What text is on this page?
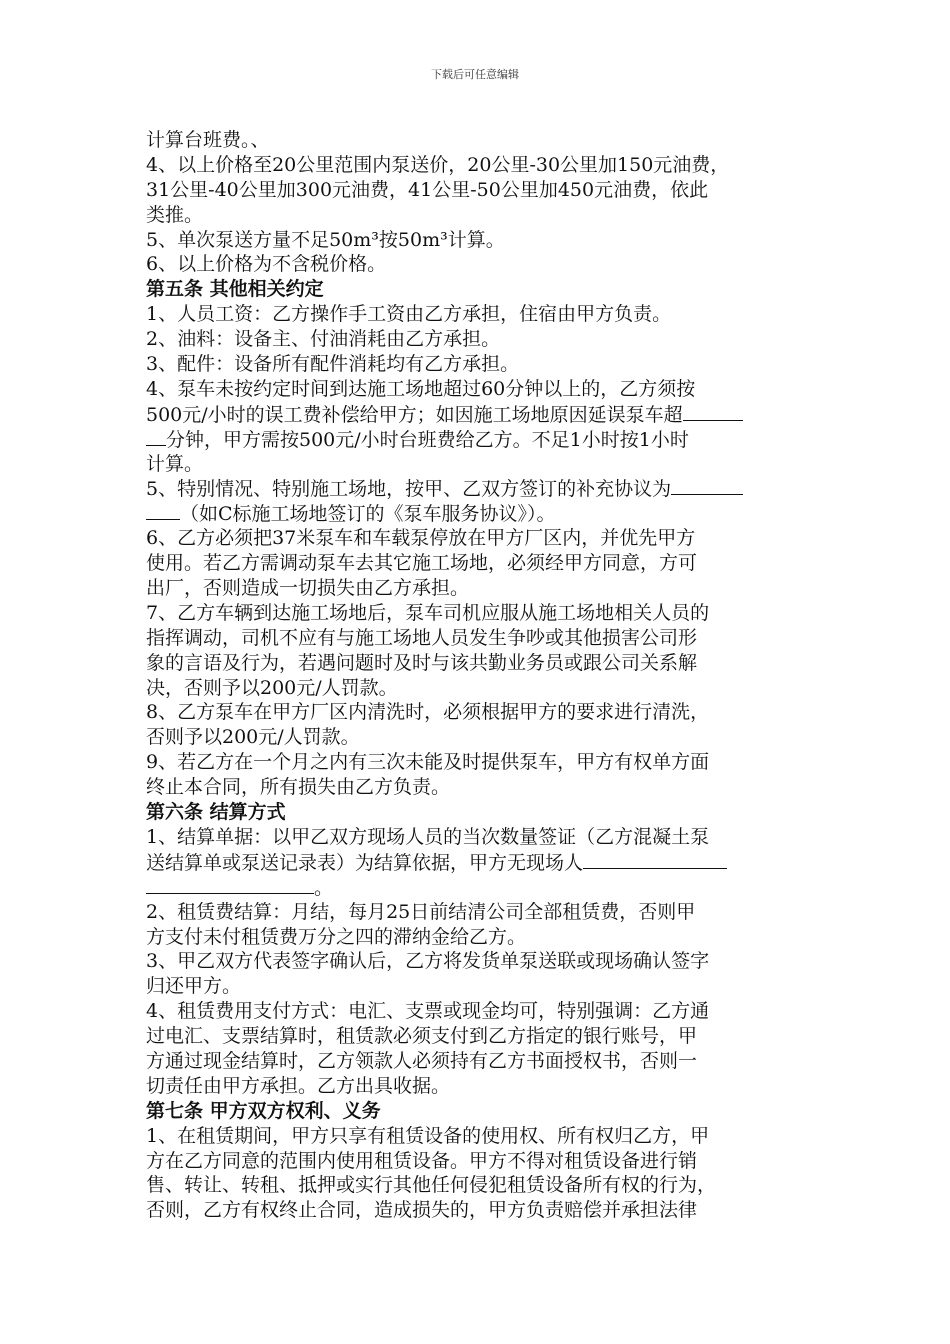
下载后可任意编辑
计算台班费。、
4、以上价格至20公里范围内泵送价，20公里-30公里加150元油费，
31公里-40公里加300元油费，41公里-50公里加450元油费，依此
类推。
5、单次泵送方量不足50m³按50m³计算。
6、以上价格为不含税价格。
第五条 其他相关约定
1、人员工资：乙方操作手工资由乙方承担，住宿由甲方负责。
2、油料：设备主、付油消耗由乙方承担。
3、配件：设备所有配件消耗均有乙方承担。
4、泵车未按约定时间到达施工场地超过60分钟以上的，乙方须按
500元/小时的误工费补偿给甲方；如因施工场地原因延误泵车超
分钟，甲方需按500元/小时台班费给乙方。不足1小时按1小时
计算。
5、特别情况、特别施工场地，按甲、乙双方签订的补充协议为
（如C标施工场地签订的《泵车服务协议》）。
6、乙方必须把37米泵车和车载泵停放在甲方厂区内，并优先甲方
使用。若乙方需调动泵车去其它施工场地，必须经甲方同意，方可
出厂，否则造成一切损失由乙方承担。
7、乙方车辆到达施工场地后，泵车司机应服从施工场地相关人员的
指挥调动，司机不应有与施工场地人员发生争吵或其他损害公司形
象的言语及行为，若遇问题时及时与该共勤业务员或跟公司关系解
决，否则予以200元/人罚款。
8、乙方泵车在甲方厂区内清洗时，必须根据甲方的要求进行清洗，
否则予以200元/人罚款。
9、若乙方在一个月之内有三次未能及时提供泵车，甲方有权单方面
终止本合同，所有损失由乙方负责。
第六条 结算方式
1、结算单据：以甲乙双方现场人员的当次数量签证（乙方混凝土泵
送结算单或泵送记录表）为结算依据，甲方无现场人
。
2、租赁费结算：月结，每月25日前结清公司全部租赁费，否则甲
方支付未付租赁费万分之四的滞纳金给乙方。
3、甲乙双方代表签字确认后，乙方将发货单泵送联或现场确认签字
归还甲方。
4、租赁费用支付方式：电汇、支票或现金均可，特别强调：乙方通
过电汇、支票结算时，租赁款必须支付到乙方指定的银行账号，甲
方通过现金结算时，乙方领款人必须持有乙方书面授权书，否则一
切责任由甲方承担。乙方出具收据。
第七条 甲方双方权利、义务
1、在租赁期间，甲方只享有租赁设备的使用权、所有权归乙方，甲
方在乙方同意的范围内使用租赁设备。甲方不得对租赁设备进行销
售、转让、转租、抵押或实行其他任何侵犯租赁设备所有权的行为，
否则，乙方有权终止合同，造成损失的，甲方负责赔偿并承担法律
